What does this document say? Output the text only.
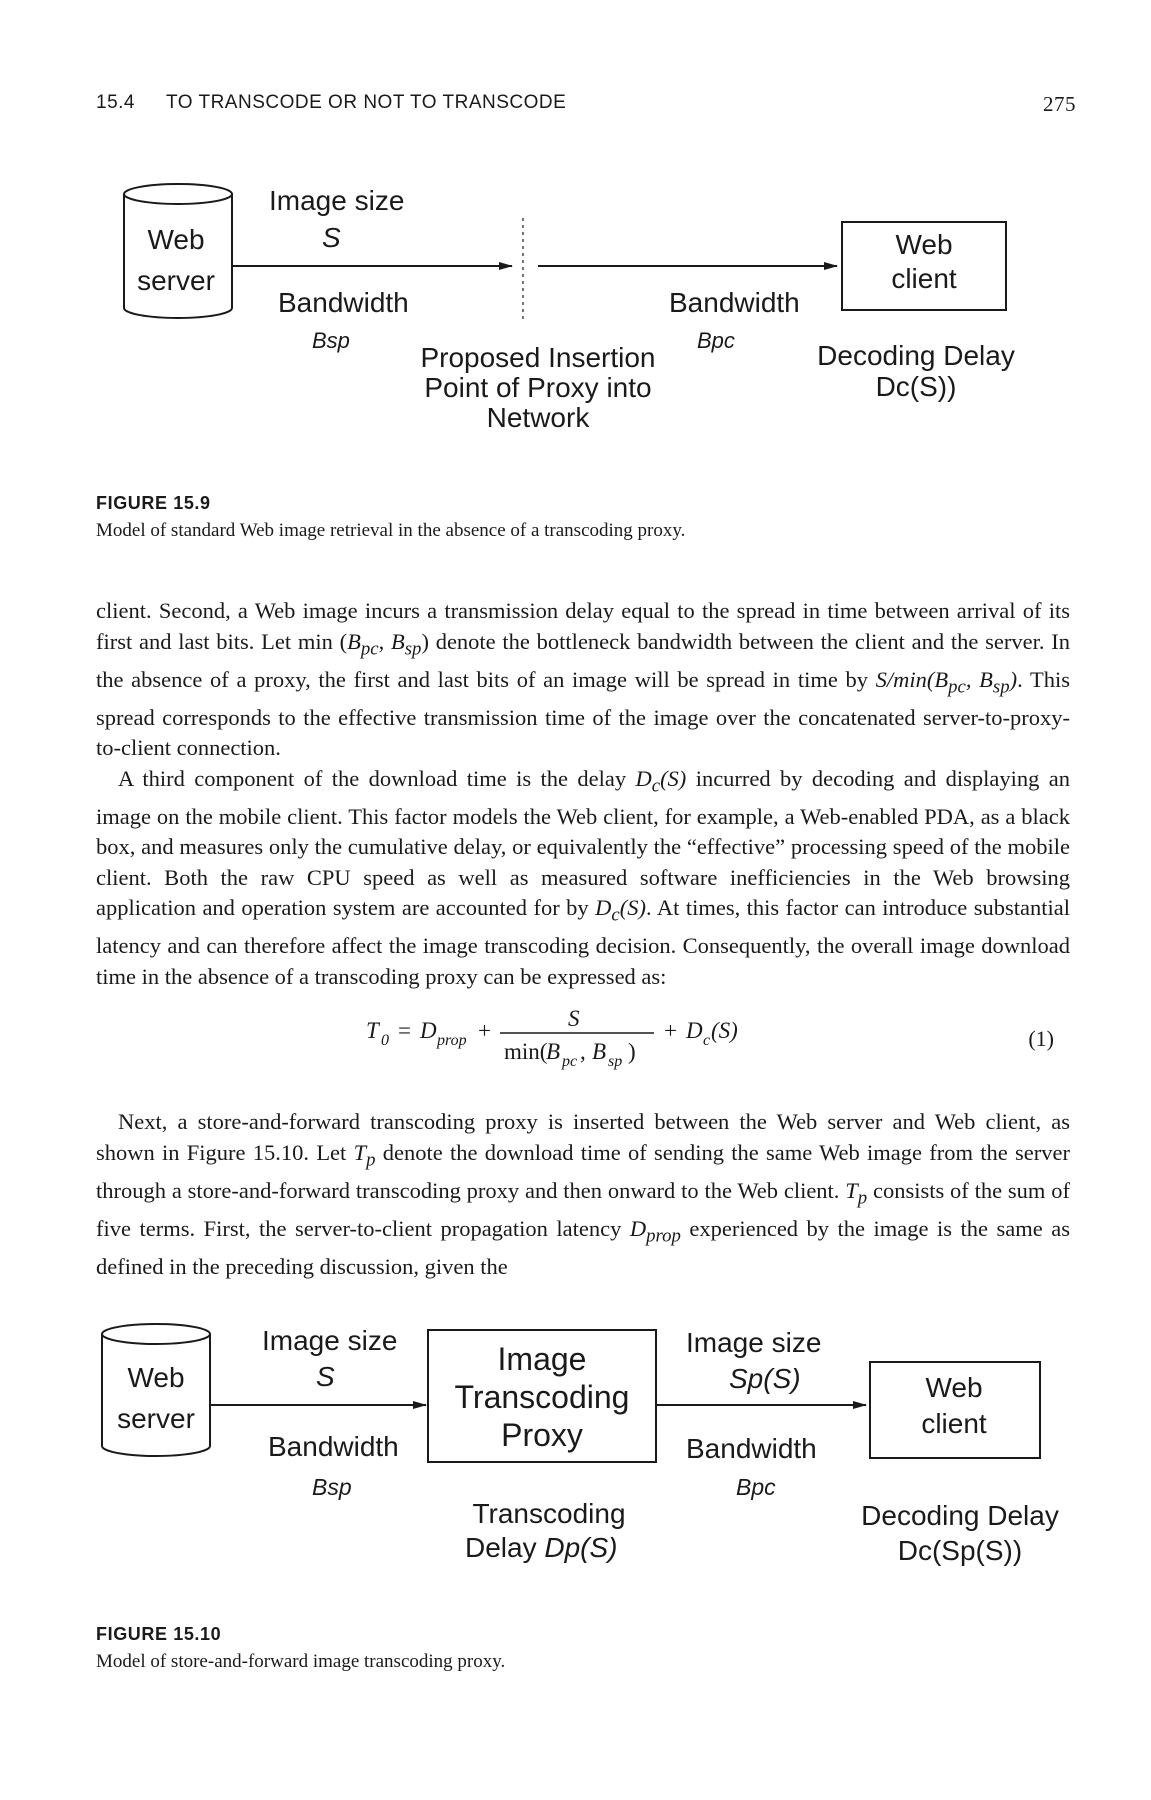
15.4 TO TRANSCODE OR NOT TO TRANSCODE	275
Web
server
Image size
S	Web
client
Bandwidth
Bsp
Bandwidth
Bpc
Proposed Insertion
Point of Proxy into
Network
Decoding Delay
Dc(S))
FIGURE 15.9
Model of standard Web image retrieval in the absence of a transcoding proxy.

client. Second, a Web image incurs a transmission delay equal to the spread in time between arrival of its first and last bits. Let $\min (B_{pc}$, $B_{sp}$) denote the bottleneck bandwidth between the client and the server. In the absence of a proxy, the first and last bits of an image will be spread in time by $S/\min(B_{pc}$, $B_{sp}$). This spread corresponds to the effective transmission time of the image over the concatenated server-to-proxy-to-client connection.

A third component of the download time is the delay $D_c(S)$ incurred by decoding and displaying an image on the mobile client. This factor models the Web client, for example, a Web-enabled PDA, as a black box, and measures only the cumulative delay, or equivalently the “effective” processing speed of the mobile client. Both the raw CPU speed as well as measured software inefficiencies in the Web browsing application and operation system are accounted for by $D_c(S)$. At times, this factor can introduce substantial latency and can therefore affect the image transcoding decision. Consequently, the overall image download time in the absence of a transcoding proxy can be expressed as:

T 0 = D prop +	S
min(
B pc , B sp )
+ D c (S)	(1)

Next, a store-and-forward transcoding proxy is inserted between the Web server and Web client, as shown in Figure 15.10. Let $T_p$ denote the download time of sending the same Web image from the server through a store-and-forward transcoding proxy and then onward to the Web client. $T_p$ consists of the sum of five terms. First, the server-to-client propagation latency $D_{prop}$ experienced by the image is the same as defined in the preceding discussion, given the

Web
server
Image size
S
Bandwidth
Bsp
Image
Transcoding
Proxy
Transcoding
Delay Dp(S)
Image size
Sp(S)
Bandwidth
Bpc
Web
client
Decoding Delay
Dc(Sp(S))
FIGURE 15.10
Model of store-and-forward image transcoding proxy.
